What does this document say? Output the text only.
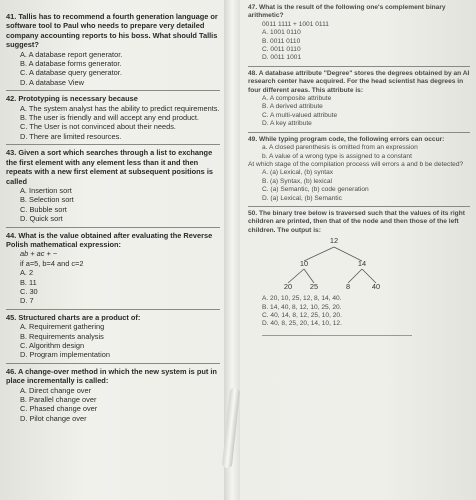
41. Tallis has to recommend a fourth generation language or software tool to Paul who needs to prepare very detailed company accounting reports to his boss. What should Tallis suggest?
A. A database report generator.
B. A database forms generator.
C. A database query generator.
D. A database View
42. Prototyping is necessary because
A. The system analyst has the ability to predict requirements.
B. The user is friendly and will accept any end product.
C. The User is not convinced about their needs.
D. There are limited resources.
43. Given a sort which searches through a list to exchange the first element with any element less than it and then repeats with a new first element at subsequent positions is called
A. Insertion sort
B. Selection sort
C. Bubble sort
D. Quick sort
44. What is the value obtained after evaluating the Reverse Polish mathematical expression:
ab + ac + −
if a=5, b=4 and c=2
A. 2
B. 11
C. 30
D. 7
45. Structured charts are a product of:
A. Requirement gathering
B. Requirements analysis
C. Algorithm design
D. Program implementation
46. A change-over method in which the new system is put in place incrementally is called:
A. Direct change over
B. Parallel change over
C. Phased change over
D. Pilot change over
47. What is the result of the following one's complement binary arithmetic?
0011 1111 + 1001 0111
A. 1001 0110
B. 0011 0110
C. 0011 0110
D. 0011 1001
48. A database attribute "Degree" stores the degrees obtained by an AI research center have acquired. For the head scientist has degrees in four different areas. This attribute is:
A. A composite attribute
B. A derived attribute
C. A multi-valued attribute
D. A key attribute
49. While typing program code, the following errors can occur:
a. A closed parenthesis is omitted from an expression
b. A value of a wrong type is assigned to a constant
At which stage of the compilation process will errors a and b be detected?
A. (a) Lexical, (b) syntax
B. (a) Syntax, (b) lexical
C. (a) Semantic, (b) code generation
D. (a) Lexical, (b) Semantic
50. The binary tree below is traversed such that the values of its right children are printed, then that of the node and then those of the left children. The output is:
12
10	14
20	25	8	40
A. 20, 10, 25, 12, 8, 14, 40.
B. 14, 40, 8, 12, 10, 25, 20.
C. 40, 14, 8, 12, 25, 10, 20.
D. 40, 8, 25, 20, 14, 10, 12.
